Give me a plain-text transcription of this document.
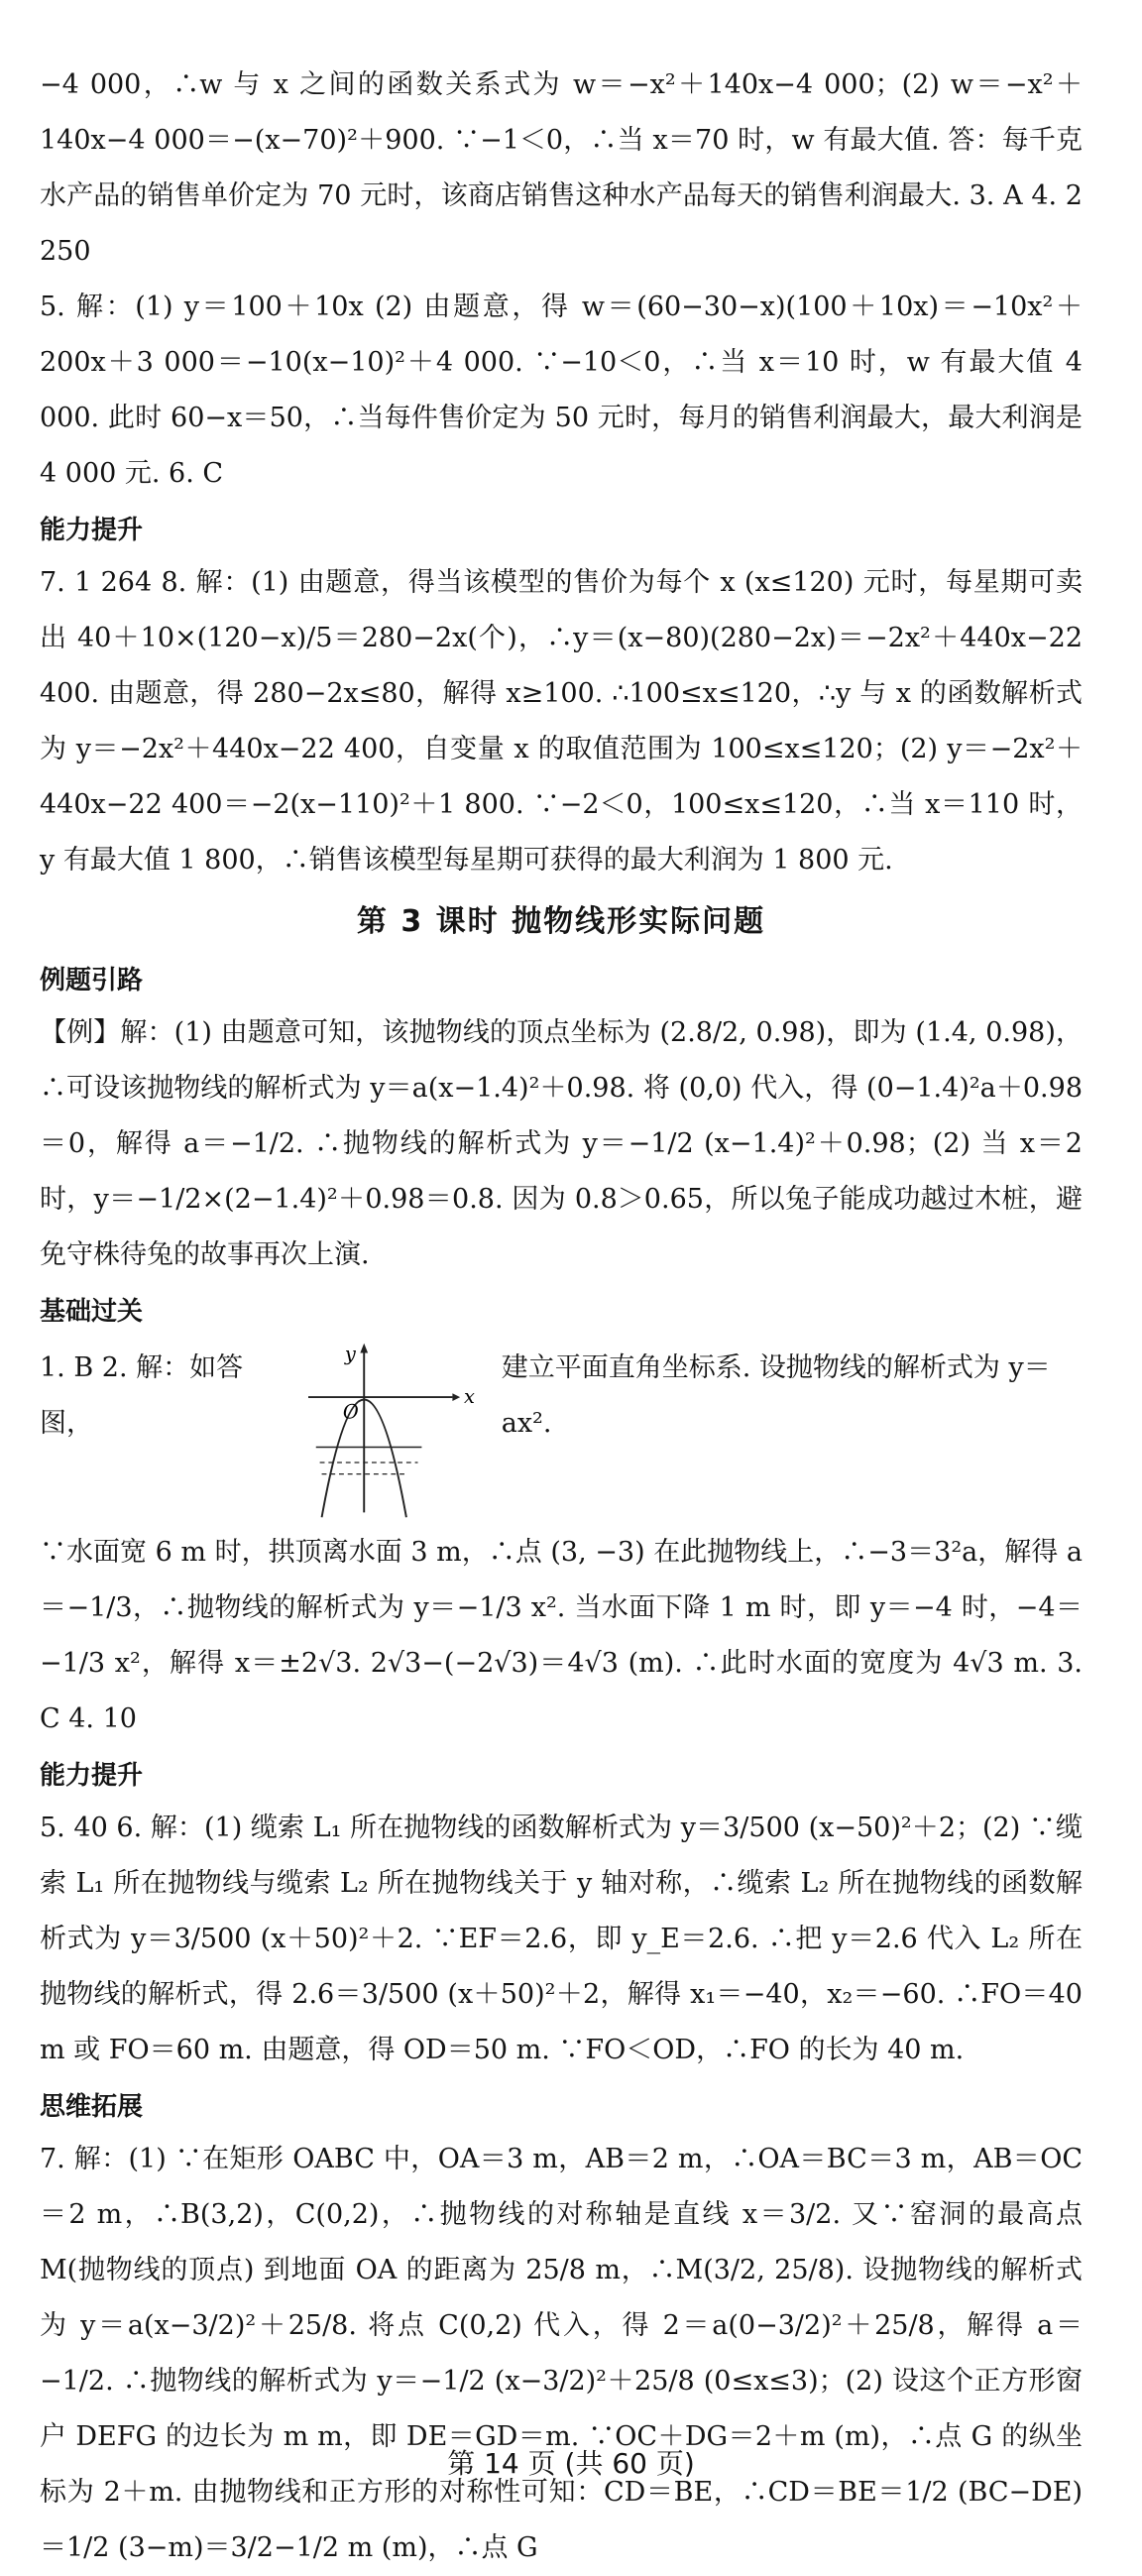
−4 000，∴w 与 x 之间的函数关系式为 w＝−x²＋140x−4 000；(2) w＝−x²＋140x−4 000＝−(x−70)²＋900. ∵−1＜0，∴当 x＝70 时，w 有最大值. 答：每千克水产品的销售单价定为 70 元时，该商店销售这种水产品每天的销售利润最大. 3. A 4. 2 250

5. 解：(1) y＝100＋10x (2) 由题意，得 w＝(60−30−x)(100＋10x)＝−10x²＋200x＋3 000＝−10(x−10)²＋4 000. ∵−10＜0，∴当 x＝10 时，w 有最大值 4 000. 此时 60−x＝50，∴当每件售价定为 50 元时，每月的销售利润最大，最大利润是 4 000 元. 6. C

能力提升

7. 1 264 8. 解：(1) 由题意，得当该模型的售价为每个 x (x≤120) 元时，每星期可卖出 40＋10×(120−x)/5＝280−2x(个)，∴y＝(x−80)(280−2x)＝−2x²＋440x−22 400. 由题意，得 280−2x≤80，解得 x≥100. ∴100≤x≤120，∴y 与 x 的函数解析式为 y＝−2x²＋440x−22 400，自变量 x 的取值范围为 100≤x≤120；(2) y＝−2x²＋440x−22 400＝−2(x−110)²＋1 800. ∵−2＜0，100≤x≤120，∴当 x＝110 时，y 有最大值 1 800，∴销售该模型每星期可获得的最大利润为 1 800 元.

第 3 课时 抛物线形实际问题
例题引路

【例】解：(1) 由题意可知，该抛物线的顶点坐标为 (2.8/2, 0.98)，即为 (1.4, 0.98)，∴可设该抛物线的解析式为 y＝a(x−1.4)²＋0.98. 将 (0,0) 代入，得 (0−1.4)²a＋0.98＝0，解得 a＝−1/2. ∴抛物线的解析式为 y＝−1/2 (x−1.4)²＋0.98；(2) 当 x＝2 时，y＝−1/2×(2−1.4)²＋0.98＝0.8. 因为 0.8＞0.65，所以兔子能成功越过木桩，避免守株待兔的故事再次上演.

基础过关
1. B 2. 解：如答图，
y
x
O
建立平面直角坐标系. 设抛物线的解析式为 y＝ax².

∵水面宽 6 m 时，拱顶离水面 3 m，∴点 (3, −3) 在此抛物线上，∴−3＝3²a，解得 a＝−1/3，∴抛物线的解析式为 y＝−1/3 x². 当水面下降 1 m 时，即 y＝−4 时，−4＝−1/3 x²，解得 x＝±2√3. 2√3−(−2√3)＝4√3 (m). ∴此时水面的宽度为 4√3 m. 3. C 4. 10

能力提升

5. 40 6. 解：(1) 缆索 L₁ 所在抛物线的函数解析式为 y＝3/500 (x−50)²＋2；(2) ∵缆索 L₁ 所在抛物线与缆索 L₂ 所在抛物线关于 y 轴对称，∴缆索 L₂ 所在抛物线的函数解析式为 y＝3/500 (x＋50)²＋2. ∵EF＝2.6，即 y_E＝2.6. ∴把 y＝2.6 代入 L₂ 所在抛物线的解析式，得 2.6＝3/500 (x＋50)²＋2，解得 x₁＝−40，x₂＝−60. ∴FO＝40 m 或 FO＝60 m. 由题意，得 OD＝50 m. ∵FO＜OD，∴FO 的长为 40 m.

思维拓展

7. 解：(1) ∵在矩形 OABC 中，OA＝3 m，AB＝2 m，∴OA＝BC＝3 m，AB＝OC＝2 m，∴B(3,2)，C(0,2)，∴抛物线的对称轴是直线 x＝3/2. 又∵窑洞的最高点 M(抛物线的顶点) 到地面 OA 的距离为 25/8 m，∴M(3/2, 25/8). 设抛物线的解析式为 y＝a(x−3/2)²＋25/8. 将点 C(0,2) 代入，得 2＝a(0−3/2)²＋25/8，解得 a＝−1/2. ∴抛物线的解析式为 y＝−1/2 (x−3/2)²＋25/8 (0≤x≤3)；(2) 设这个正方形窗户 DEFG 的边长为 m m，即 DE＝GD＝m. ∵OC＋DG＝2＋m (m)，∴点 G 的纵坐标为 2＋m. 由抛物线和正方形的对称性可知：CD＝BE，∴CD＝BE＝1/2 (BC−DE)＝1/2 (3−m)＝3/2−1/2 m (m)，∴点 G

第 14 页 (共 60 页)
